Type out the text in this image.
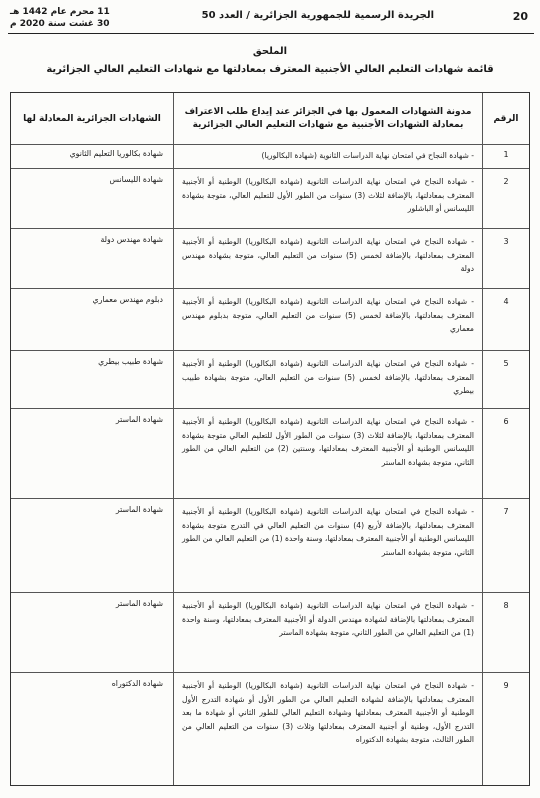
20
الجريدة الرسمية للجمهورية الجزائرية / العدد 50
11 محرم عام 1442 هـ
30 غشت سنة 2020 م
الملحق
قائمة شهادات التعليم العالي الأجنبية المعترف بمعادلتها مع شهادات التعليم العالي الجزائرية
الرقم
مدونة الشهادات المعمول بها في الجزائر عند إيداع طلب الاعتراف بمعادلة الشهادات الأجنبية مع شهادات التعليم العالي الجزائرية
الشهادات الجزائرية المعادلة لها
1
- شهادة النجاح في امتحان نهاية الدراسات الثانوية (شهادة البكالوريا)
شهادة بكالوريا التعليم الثانوي
2
- شهادة النجاح في امتحان نهاية الدراسات الثانوية (شهادة البكالوريا) الوطنية أو الأجنبية المعترف بمعادلتها، بالإضافة لثلاث (3) سنوات من الطور الأول للتعليم العالي، متوجة بشهادة الليسانس أو الباشلور
شهادة الليسانس
3
- شهادة النجاح في امتحان نهاية الدراسات الثانوية (شهادة البكالوريا) الوطنية أو الأجنبية المعترف بمعادلتها، بالإضافة لخمس (5) سنوات من التعليم العالي، متوجة بشهادة مهندس دولة
شهادة مهندس دولة
4
- شهادة النجاح في امتحان نهاية الدراسات الثانوية (شهادة البكالوريا) الوطنية أو الأجنبية المعترف بمعادلتها، بالإضافة لخمس (5) سنوات من التعليم العالي، متوجة بدبلوم مهندس معماري
دبلوم مهندس معماري
5
- شهادة النجاح في امتحان نهاية الدراسات الثانوية (شهادة البكالوريا) الوطنية أو الأجنبية المعترف بمعادلتها، بالإضافة لخمس (5) سنوات من التعليم العالي، متوجة بشهادة طبيب بيطري
شهادة طبيب بيطري
6
- شهادة النجاح في امتحان نهاية الدراسات الثانوية (شهادة البكالوريا) الوطنية أو الأجنبية المعترف بمعادلتها، بالإضافة لثلاث (3) سنوات من الطور الأول للتعليم العالي متوجة بشهادة الليسانس الوطنية أو الأجنبية المعترف بمعادلتها، وسنتين (2) من التعليم العالي من الطور الثاني، متوجة بشهادة الماستر
شهادة الماستر
7
- شهادة النجاح في امتحان نهاية الدراسات الثانوية (شهادة البكالوريا) الوطنية أو الأجنبية المعترف بمعادلتها، بالإضافة لأربع (4) سنوات من التعليم العالي في التدرج متوجة بشهادة الليسانس الوطنية أو الأجنبية المعترف بمعادلتها، وسنة واحدة (1) من التعليم العالي من الطور الثاني، متوجة بشهادة الماستر
شهادة الماستر
8
- شهادة النجاح في امتحان نهاية الدراسات الثانوية (شهادة البكالوريا) الوطنية أو الأجنبية المعترف بمعادلتها بالإضافة لشهادة مهندس الدولة أو الأجنبية المعترف بمعادلتها، وسنة واحدة (1) من التعليم العالي من الطور الثاني، متوجة بشهادة الماستر
شهادة الماستر
9
- شهادة النجاح في امتحان نهاية الدراسات الثانوية (شهادة البكالوريا) الوطنية أو الأجنبية المعترف بمعادلتها بالإضافة لشهادة التعليم العالي من الطور الأول أو شهادة التدرج الأول الوطنية أو الأجنبية المعترف بمعادلتها وشهادة التعليم العالي للطور الثاني أو شهادة ما بعد التدرج الأول، وطنية أو أجنبية المعترف بمعادلتها وثلاث (3) سنوات من التعليم العالي من الطور الثالث، متوجة بشهادة الدكتوراه
شهادة الدكتوراه
